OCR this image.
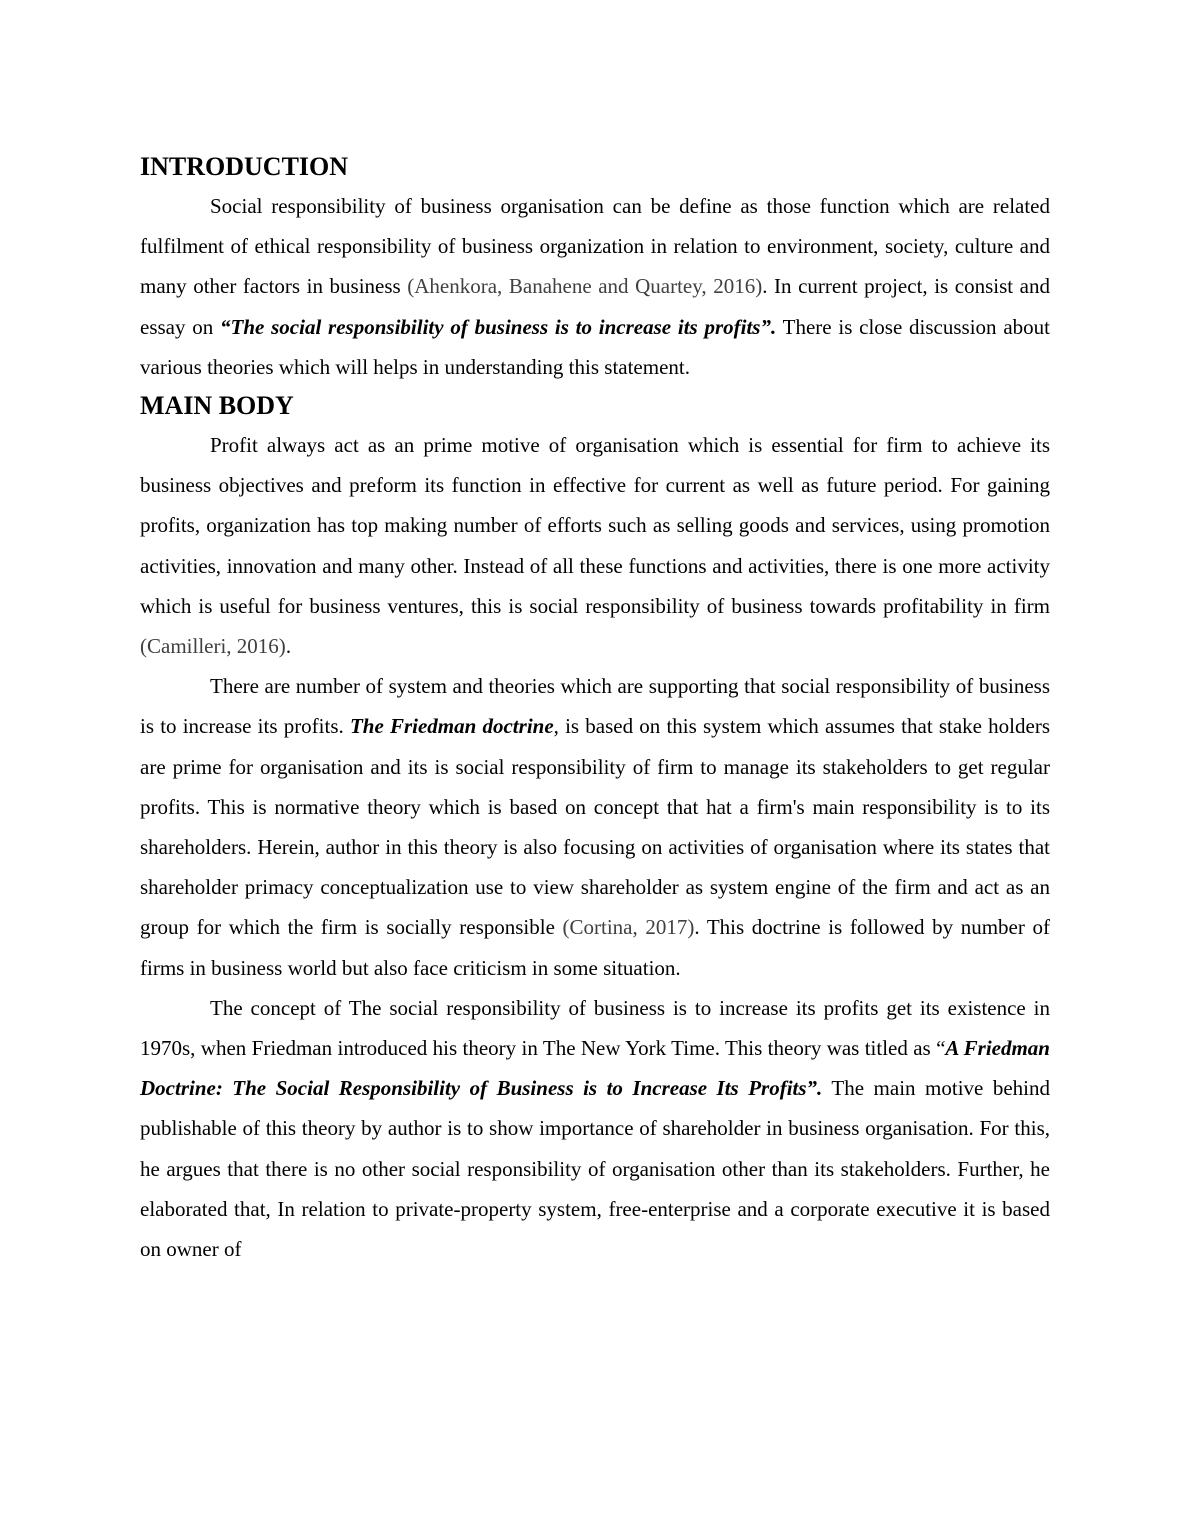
INTRODUCTION

Social responsibility of business organisation can be define as those function which are related fulfilment of ethical responsibility of business organization in relation to environment, society, culture and many other factors in business (Ahenkora, Banahene and Quartey, 2016). In current project, is consist and essay on “The social responsibility of business is to increase its profits”. There is close discussion about various theories which will helps in understanding this statement.

MAIN BODY

Profit always act as an prime motive of organisation which is essential for firm to achieve its business objectives and preform its function in effective for current as well as future period. For gaining profits, organization has top making number of efforts such as selling goods and services, using promotion activities, innovation and many other. Instead of all these functions and activities, there is one more activity which is useful for business ventures, this is social responsibility of business towards profitability in firm (Camilleri, 2016).

There are number of system and theories which are supporting that social responsibility of business is to increase its profits. The Friedman doctrine, is based on this system which assumes that stake holders are prime for organisation and its is social responsibility of firm to manage its stakeholders to get regular profits. This is normative theory which is based on concept that hat a firm's main responsibility is to its shareholders. Herein, author in this theory is also focusing on activities of organisation where its states that shareholder primacy conceptualization use to view shareholder as system engine of the firm and act as an group for which the firm is socially responsible (Cortina, 2017). This doctrine is followed by number of firms in business world but also face criticism in some situation.

The concept of The social responsibility of business is to increase its profits get its existence in 1970s, when Friedman introduced his theory in The New York Time. This theory was titled as “A Friedman Doctrine: The Social Responsibility of Business is to Increase Its Profits”. The main motive behind publishable of this theory by author is to show importance of shareholder in business organisation. For this, he argues that there is no other social responsibility of organisation other than its stakeholders. Further, he elaborated that, In relation to private-property system, free-enterprise and a corporate executive it is based on owner of
